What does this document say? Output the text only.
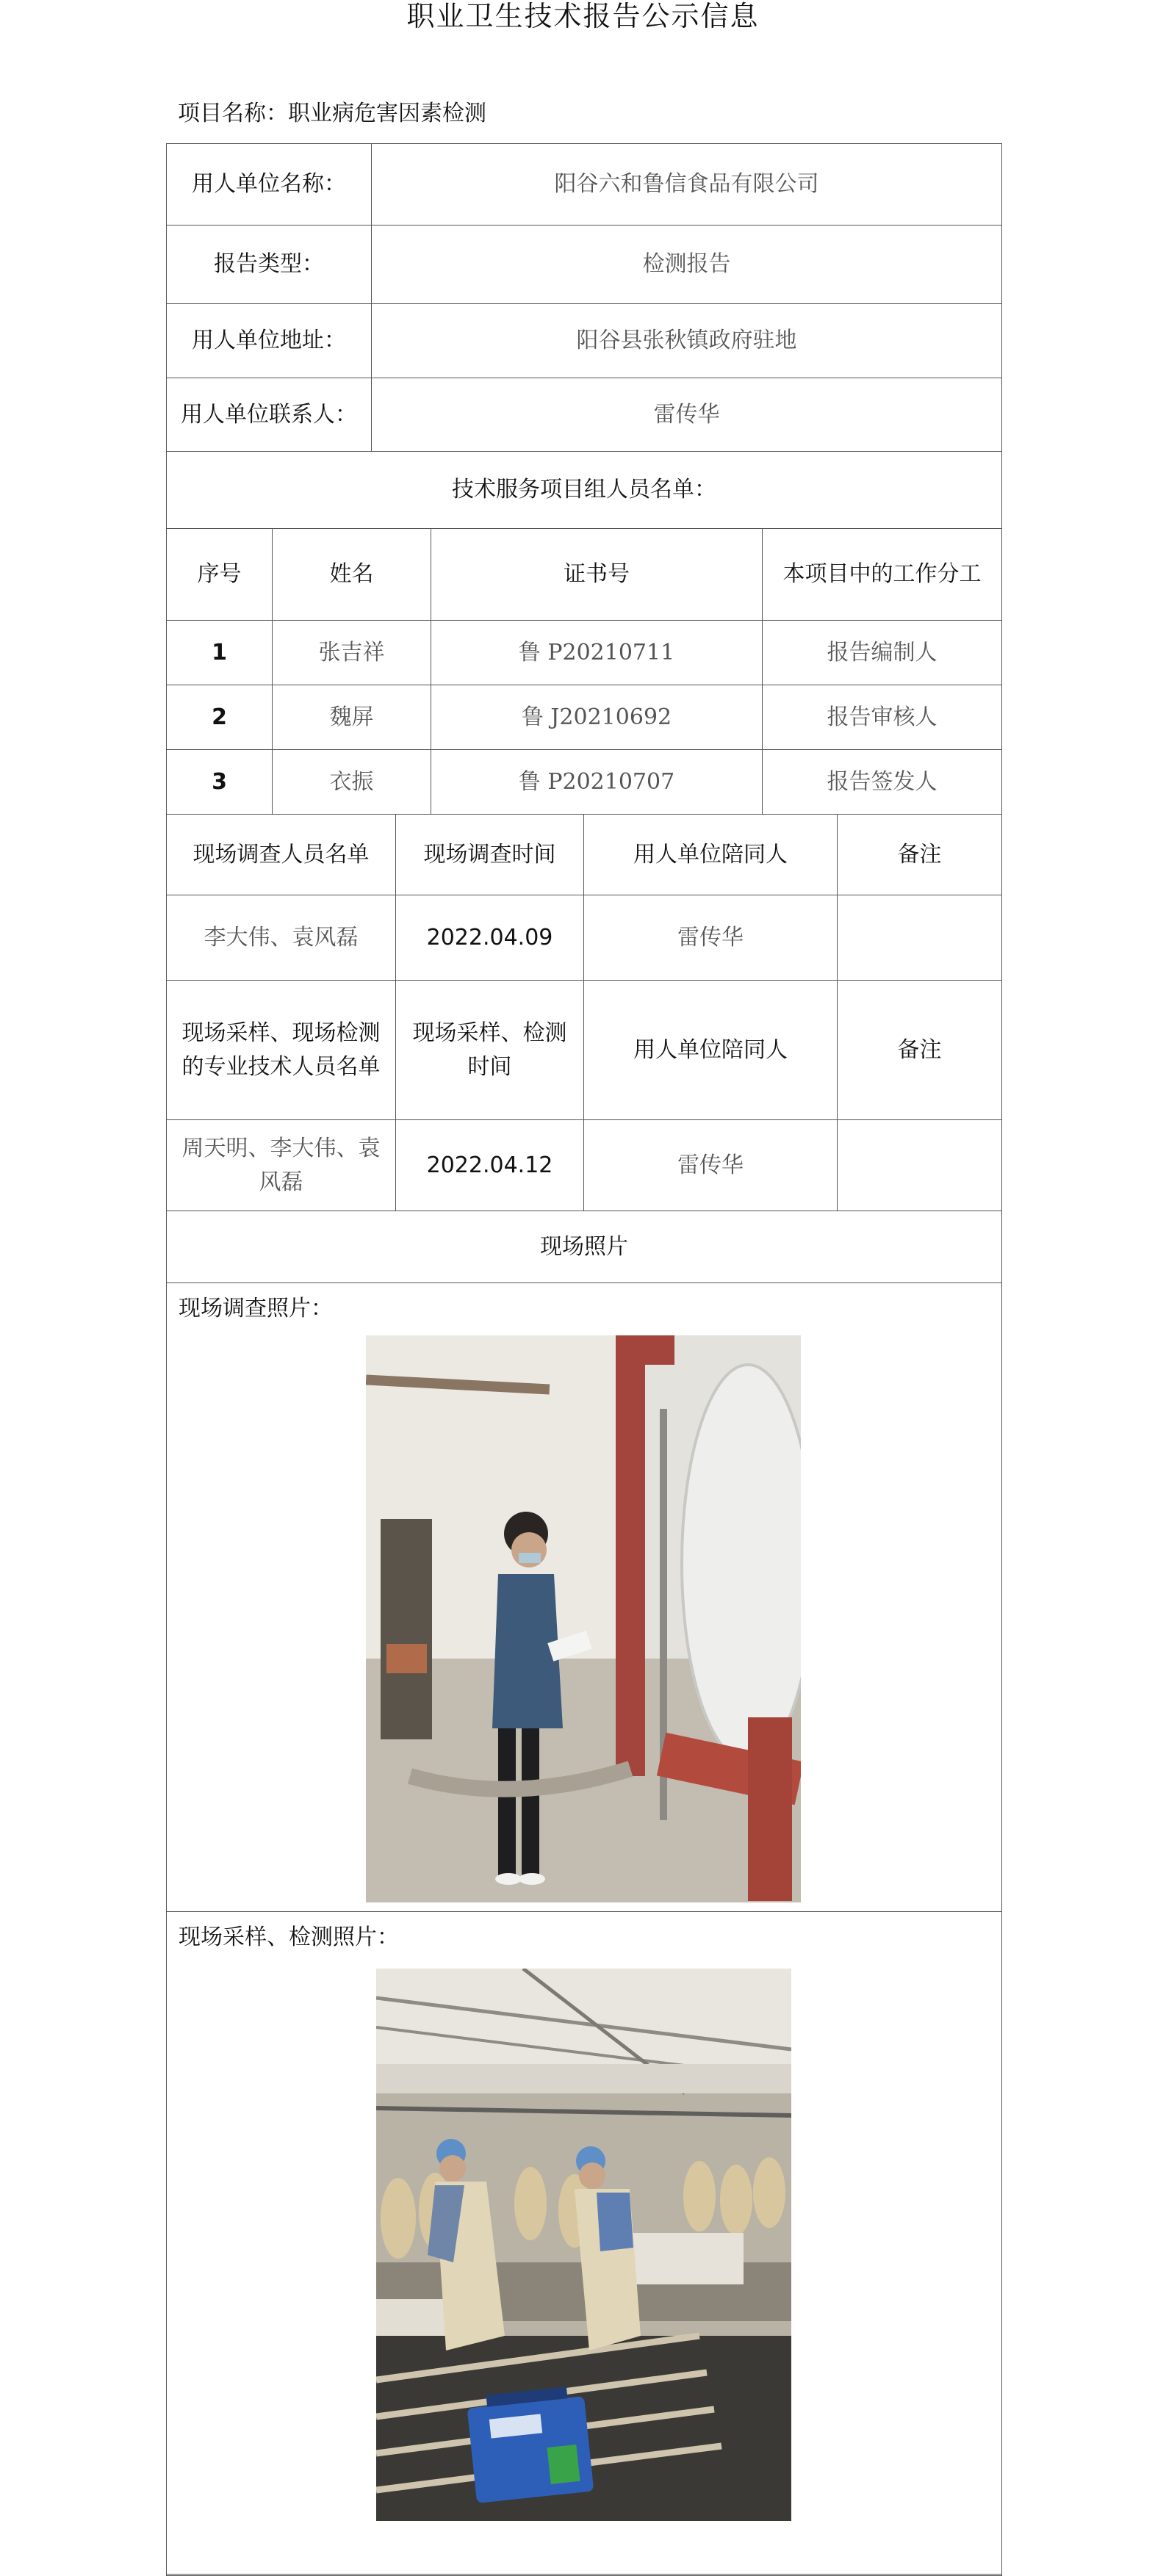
职业卫生技术报告公示信息
项目名称：职业病危害因素检测
用人单位名称：	阳谷六和鲁信食品有限公司
报告类型：	检测报告
用人单位地址：	阳谷县张秋镇政府驻地
用人单位联系人：	雷传华
技术服务项目组人员名单：	
序号	姓名	证书号	本项目中的工作分工
1	张吉祥	鲁 P20210711	报告编制人
2	魏屏	鲁 J20210692	报告审核人
3	衣振	鲁 P20210707	报告签发人
现场调查人员名单	现场调查时间	用人单位陪同人	备注
李大伟、袁风磊	2022.04.09	雷传华	
现场采样、现场检测的专业技术人员名单	现场采样、检测时间	用人单位陪同人	备注
周天明、李大伟、袁风磊	2022.04.12	雷传华	
现场照片
现场调查照片：
现场采样、检测照片：
